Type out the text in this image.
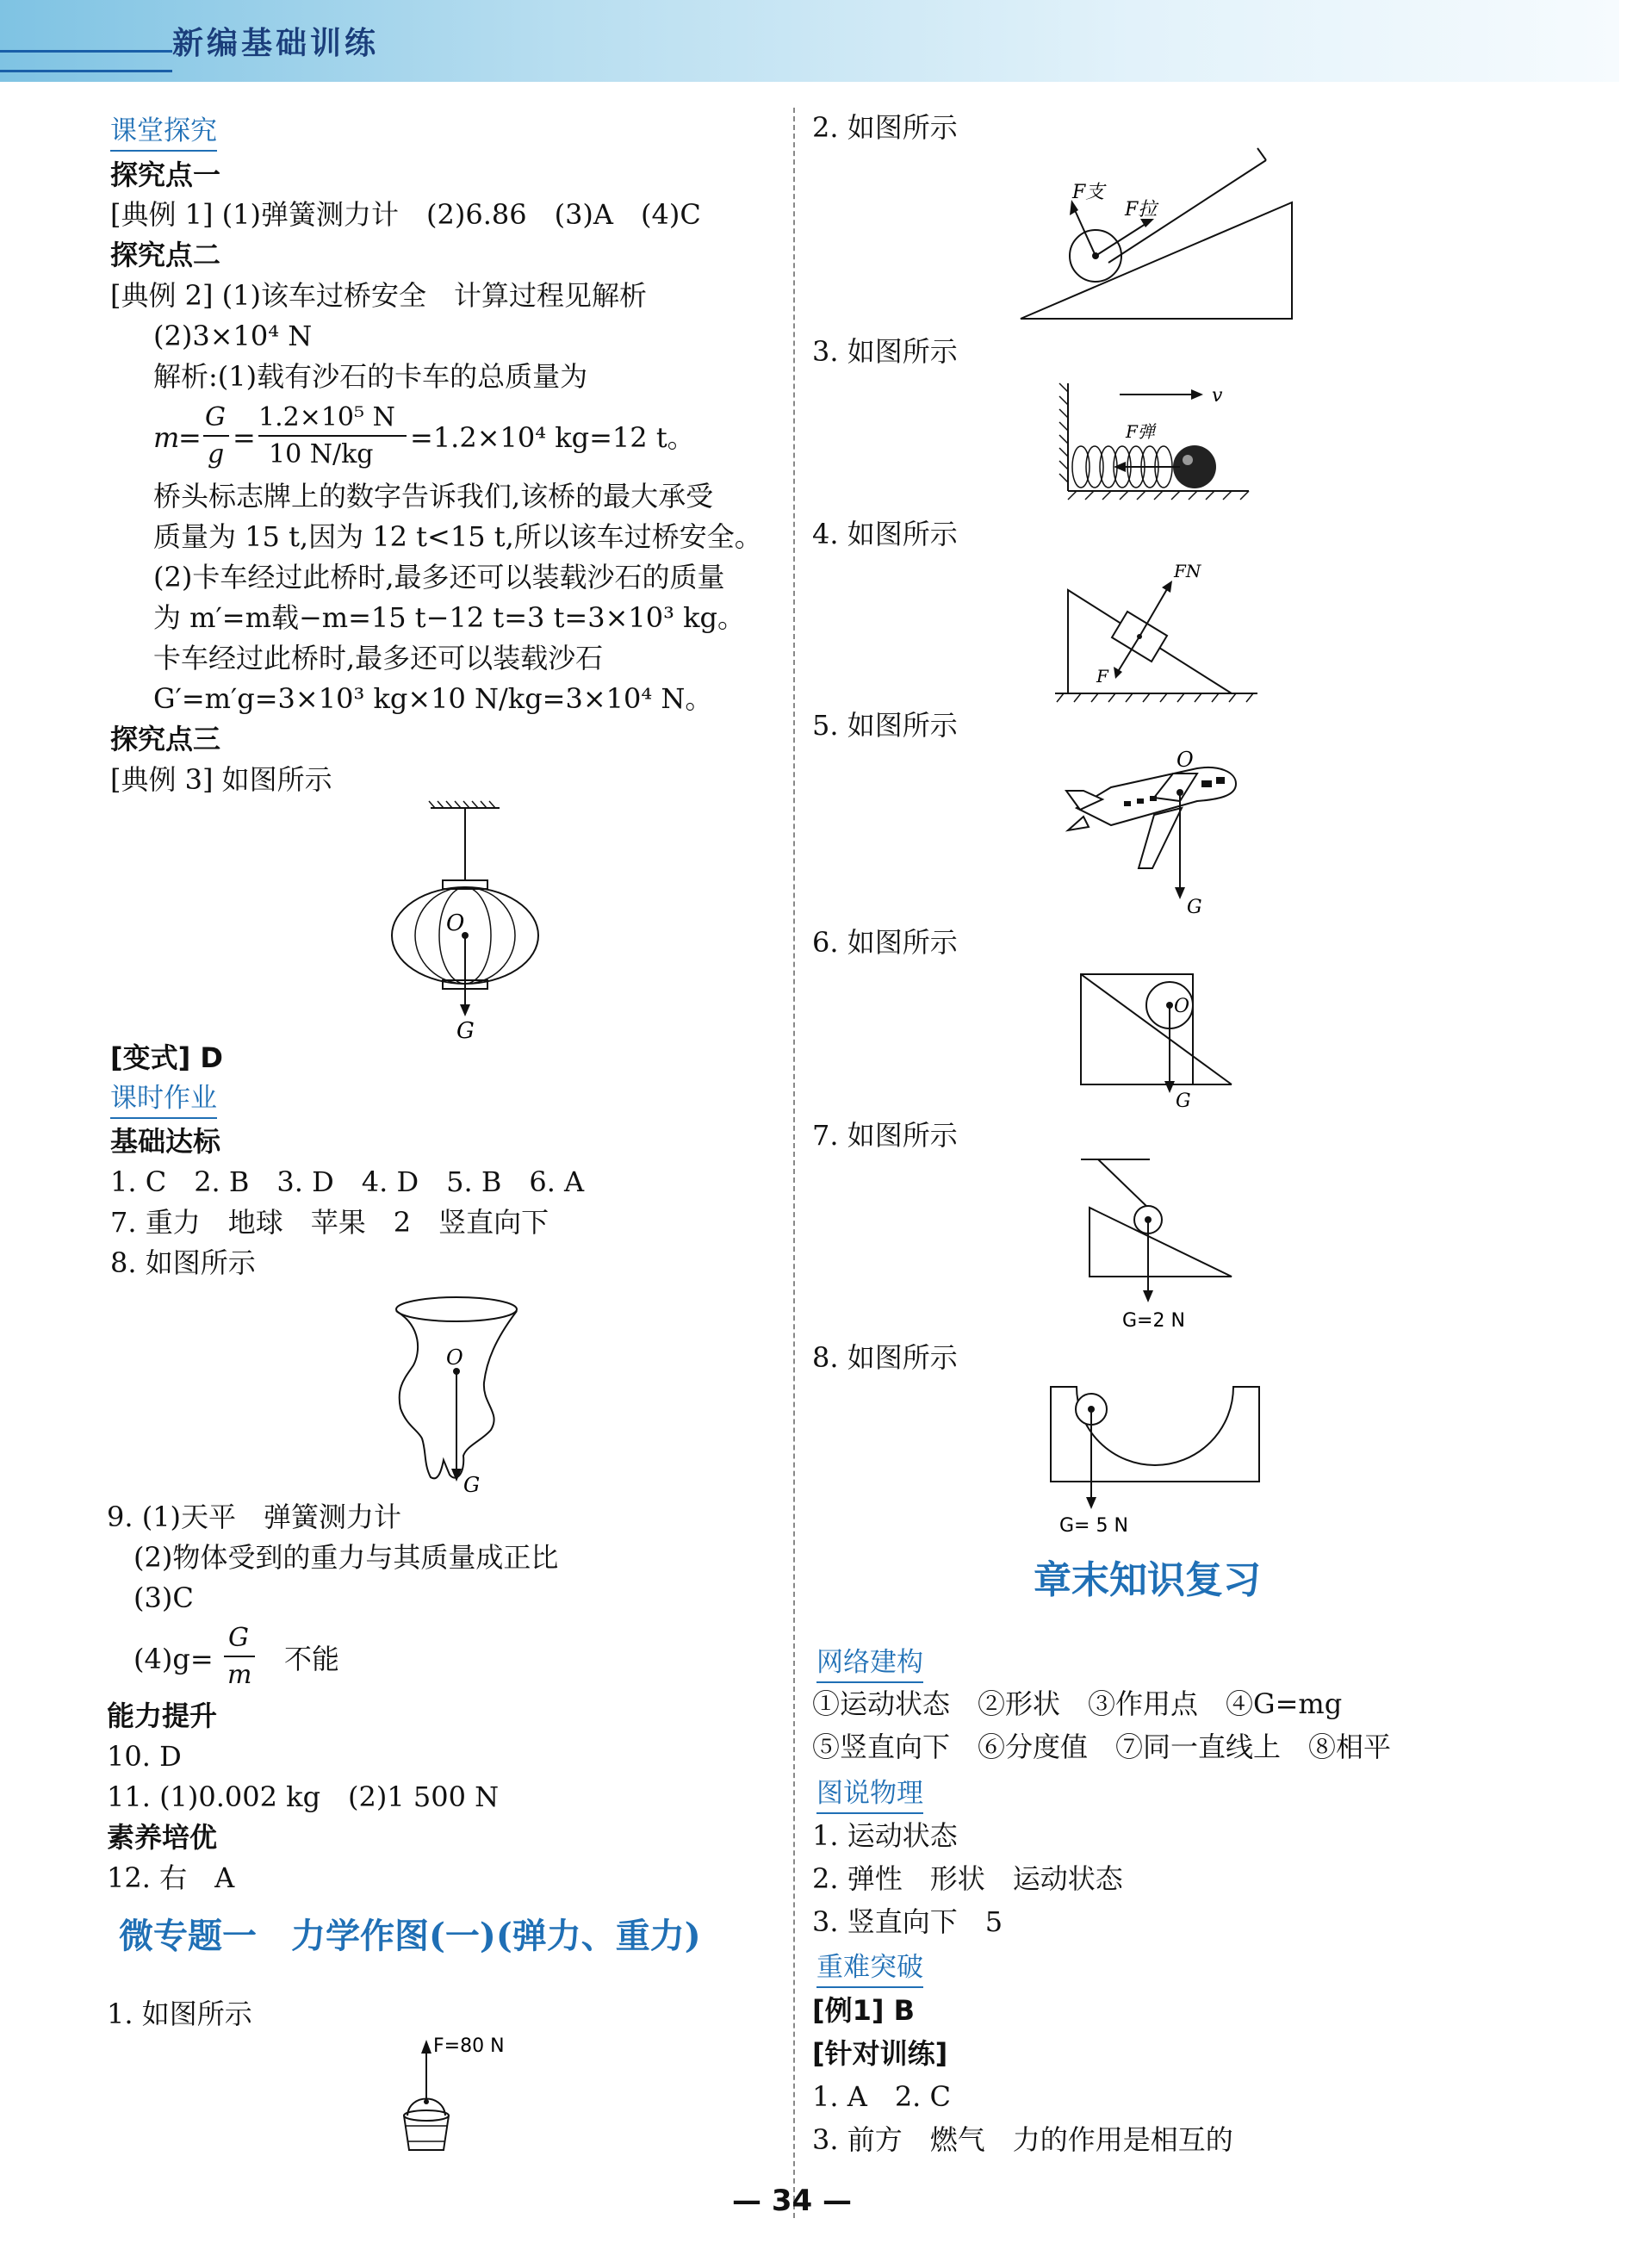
新编基础训练
课堂探究
探究点一
[典例 1] (1)弹簧测力计　(2)6.86　(3)A　(4)C
探究点二
[典例 2] (1)该车过桥安全　计算过程见解析
(2)3×10⁴ N
解析:(1)载有沙石的卡车的总质量为
m
=
G
g
=
1.2×10⁵ N
10 N/kg
=1.2×10⁴ kg=12 t。
桥头标志牌上的数字告诉我们,该桥的最大承受
质量为 15 t,因为 12 t<15 t,所以该车过桥安全。
(2)卡车经过此桥时,最多还可以装载沙石的质量
为 m′=m载−m=15 t−12 t=3 t=3×10³ kg。
卡车经过此桥时,最多还可以装载沙石
G′=m′g=3×10³ kg×10 N/kg=3×10⁴ N。
探究点三
[典例 3] 如图所示
O
G
[变式] D
课时作业
基础达标
1. C　2. B　3. D　4. D　5. B　6. A
7. 重力　地球　苹果　2　竖直向下
8. 如图所示
O
G
9. (1)天平　弹簧测力计
(2)物体受到的重力与其质量成正比
(3)C
(4)g=
G
m 不能
能力提升
10. D
11. (1)0.002 kg　(2)1 500 N
素养培优
12. 右　A
微专题一　力学作图(一)(弹力、重力)
1. 如图所示
F=80 N
2. 如图所示
F支
F拉
3. 如图所示
v
F弹
4. 如图所示
FN
F
5. 如图所示
O
G
6. 如图所示
O
G
7. 如图所示
G=2 N
8. 如图所示
G= 5 N
章末知识复习
网络建构
①运动状态　②形状　③作用点　④G=mg
⑤竖直向下　⑥分度值　⑦同一直线上　⑧相平
图说物理
1. 运动状态
2. 弹性　形状　运动状态
3. 竖直向下　5
重难突破
[例1] B
[针对训练]
1. A　2. C
3. 前方　燃气　力的作用是相互的
— 34 —
